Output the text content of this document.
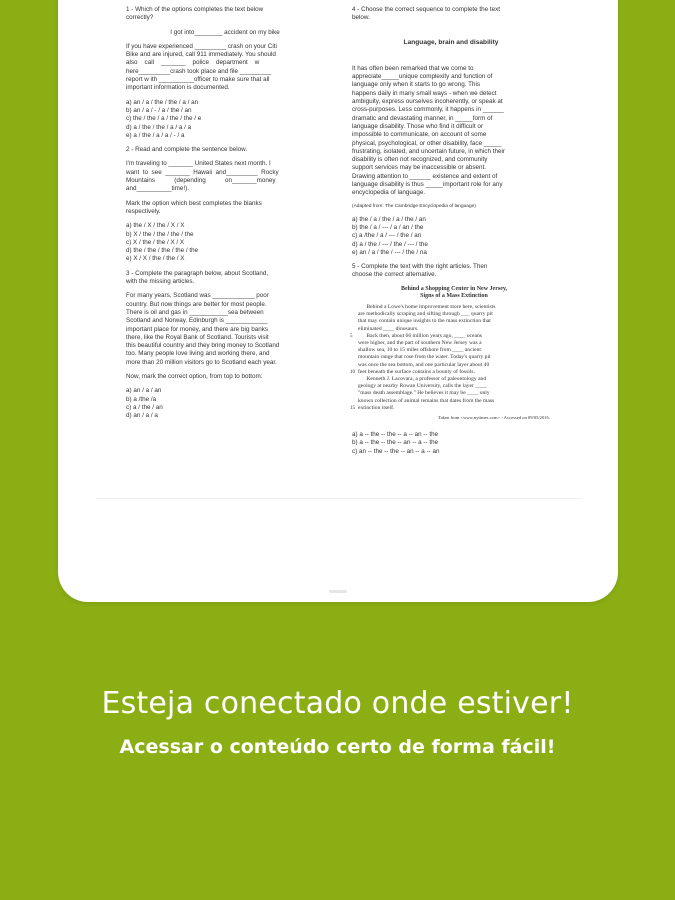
1 - Which of the options completes the text below
correctly?

I got into________ accident on my bike

If you have experienced _________ crash on your Citi
Bike and are injured, call 911 immediately. You should
also    call    _______    police    department    w
here_________crash took place and file _________
report w ith __________officer to make sure that all
important information is documented.

a) an / a / the / the / a / an
b) an / a / - / a / the / an
c) the / the / a / the / the / e
d) a / the / the / a / a / a
e) a / the / a / a / - / a

2 - Read and complete the sentence below.

I'm traveling to _______ United States next month. I
want  to  see  _______  Hawaii  and_________  Rocky
Mountains           (depending           on_______money
and__________time!).

Mark the option which best completes the blanks
respectively.

a) the / X / the / X / X
b) X / the / the / the / the
c) X / the / the / X / X
d) the / the / the / the / the
e) X / X / the / the / X

3 - Complete the paragraph below, about Scotland,
with the missing articles.

For many years, Scotland was ____________ poor
country. But now things are better for most people.
There is oil and gas in ___________sea between
Scotland and Norway. Edinburgh is ____________
important place for money, and there are big banks
there, like the Royal Bank of Scotland. Tourists visit
this beautiful country and they bring money to Scotland
too. Many people love living and working there, and
more than 20 million visitors go to Scotland each year.

Now, mark the correct option, from top to bottom:

a) an / a / an
b) a /the /a
c) a / the / an
d) an / a / a

4 - Choose the correct sequence to complete the text
below.

Language, brain and disability

It has often been remarked that we come to
appreciate_____unique complexity and function of
language only when it starts to go wrong. This
happens daily in many small ways - when we detect
ambiguity, express ourselves incoherently, or speak at
cross-purposes. Less commonly, it happens in ______
dramatic and devastating manner, in _____form of
language disability. Those who find it difficult or
impossible to communicate, on account of some
physical, psychological, or other disability, face _____
frustrating, isolated, and uncertain future, in which their
disability is often not recognized, and community
support services may be inaccessible or absent.
Drawing attention to ______ existence and extent of
language disability is thus _____important role for any
encyclopedia of language.

(Adapted from: The Cambridge Encyclopedia of language)

a) the / a / the / a / the / an
b) the / a / --- / a / an / the
c) a /the / a / --- / the / an
d) a / the / --- / the / --- / the
e) an / a / the / --- / the / na

5 - Complete the text with the right articles. Then
choose the correct alternative.

Behind a Shopping Center in New Jersey,
Signs of a Mass Extinction
Behind a Lowe's home improvement store here, scientists
are methodically scraping and sifting through ___ quarry pit
that may contain unique insights to the mass extinction that
eliminated ____ dinosaurs.
Back then, about 66 million years ago, ____ oceans
5
were higher, and the part of southern New Jersey was a
shallow sea, 10 to 15 miles offshore from ____ ancient
mountain range that rose from the water. Today's quarry pit
was once the sea bottom, and one particular layer about 40
feet beneath the surface contains a bounty of fossils.
10
Kenneth J. Lacovara, a professor of paleontology and
geology at nearby Rowan University, calls the layer ____
"mass death assemblage." He believes it may be ____ only
known collection of animal remains that dates from the mass
extinction itself.
15
Taken from <www.nytimes.com> - Accessed on 09/05/2016.

a) a -- the -- the -- a -- an -- the
b) a -- the -- the -- an -- a -- the
c) an -- the -- the -- an -- a -- an

Esteja conectado onde estiver!
Acessar o conteúdo certo de forma fácil!
